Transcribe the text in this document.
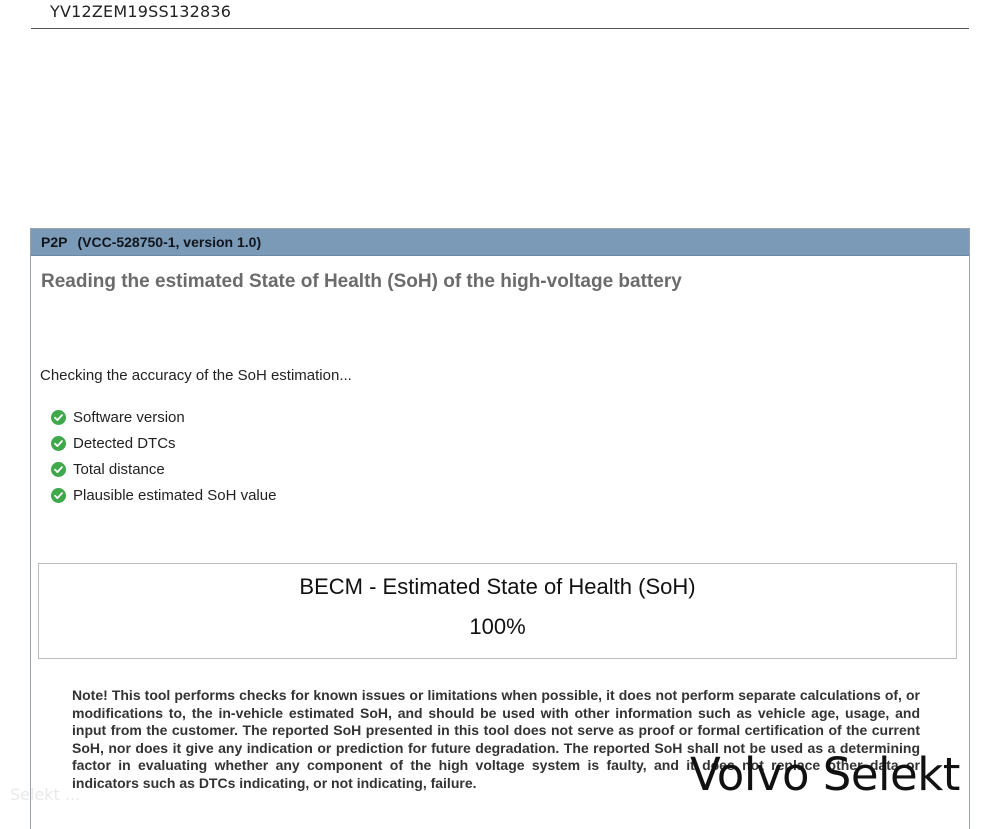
YV12ZEM19SS132836
P2P (VCC-528750-1, version 1.0)
Reading the estimated State of Health (SoH) of the high-voltage battery
Checking the accuracy of the SoH estimation...
Software version
Detected DTCs
Total distance
Plausible estimated SoH value
BECM - Estimated State of Health (SoH)
100%
Note! This tool performs checks for known issues or limitations when possible, it does not perform separate calculations of, or modifications to, the in-vehicle estimated SoH, and should be used with other information such as vehicle age, usage, and input from the customer. The reported SoH presented in this tool does not serve as proof or formal certification of the current SoH, nor does it give any indication or prediction for future degradation. The reported SoH shall not be used as a determining factor in evaluating whether any component of the high voltage system is faulty, and it does not replace other data or indicators such as DTCs indicating, or not indicating, failure.
Selekt ...	Volvo Selekt
